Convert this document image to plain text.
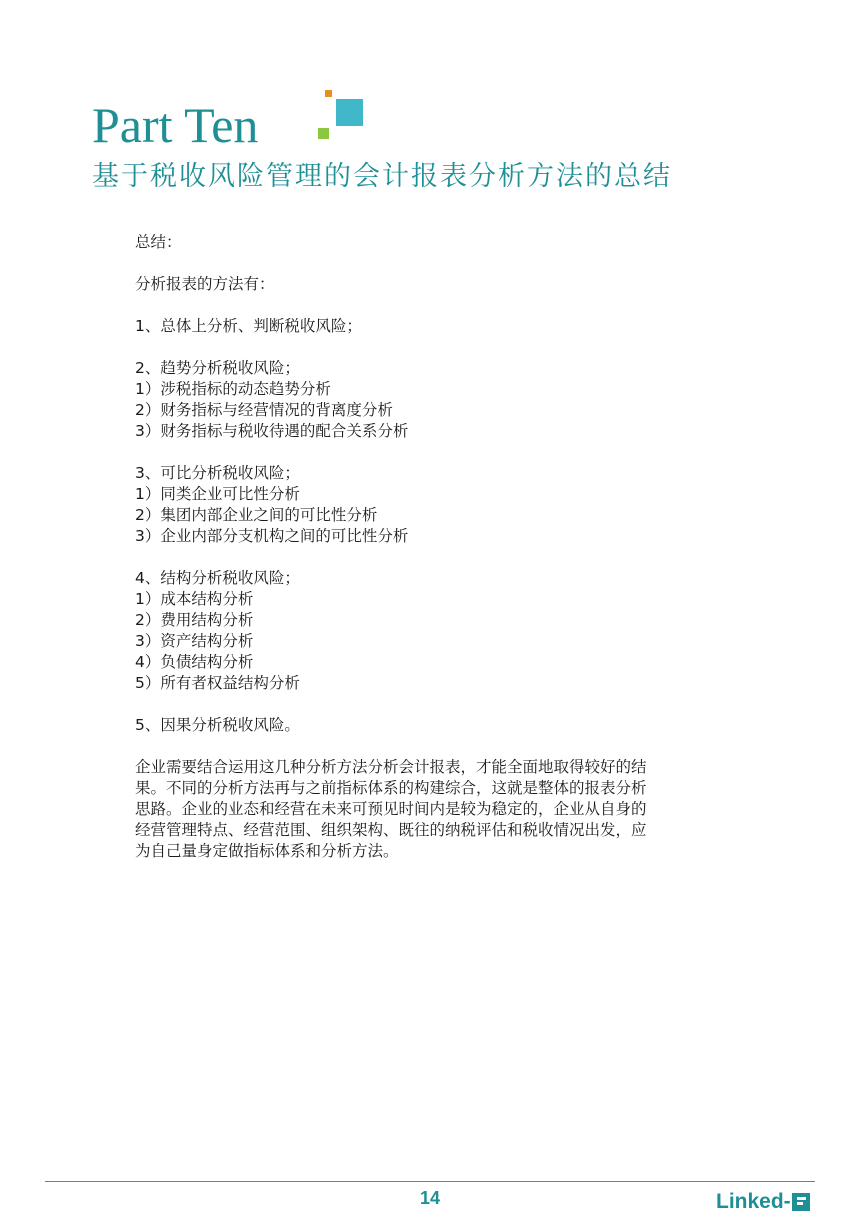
Part Ten
基于税收风险管理的会计报表分析方法的总结

总结：

分析报表的方法有：

1、总体上分析、判断税收风险；

2、趋势分析税收风险；

1）涉税指标的动态趋势分析

2）财务指标与经营情况的背离度分析

3）财务指标与税收待遇的配合关系分析

3、可比分析税收风险；

1）同类企业可比性分析

2）集团内部企业之间的可比性分析

3）企业内部分支机构之间的可比性分析

4、结构分析税收风险；

1）成本结构分析

2）费用结构分析

3）资产结构分析

4）负债结构分析

5）所有者权益结构分析

5、因果分析税收风险。

企业需要结合运用这几种分析方法分析会计报表，才能全面地取得较好的结

果。不同的分析方法再与之前指标体系的构建综合，这就是整体的报表分析

思路。企业的业态和经营在未来可预见时间内是较为稳定的，企业从自身的

经营管理特点、经营范围、组织架构、既往的纳税评估和税收情况出发，应

为自己量身定做指标体系和分析方法。

14	Linked-
